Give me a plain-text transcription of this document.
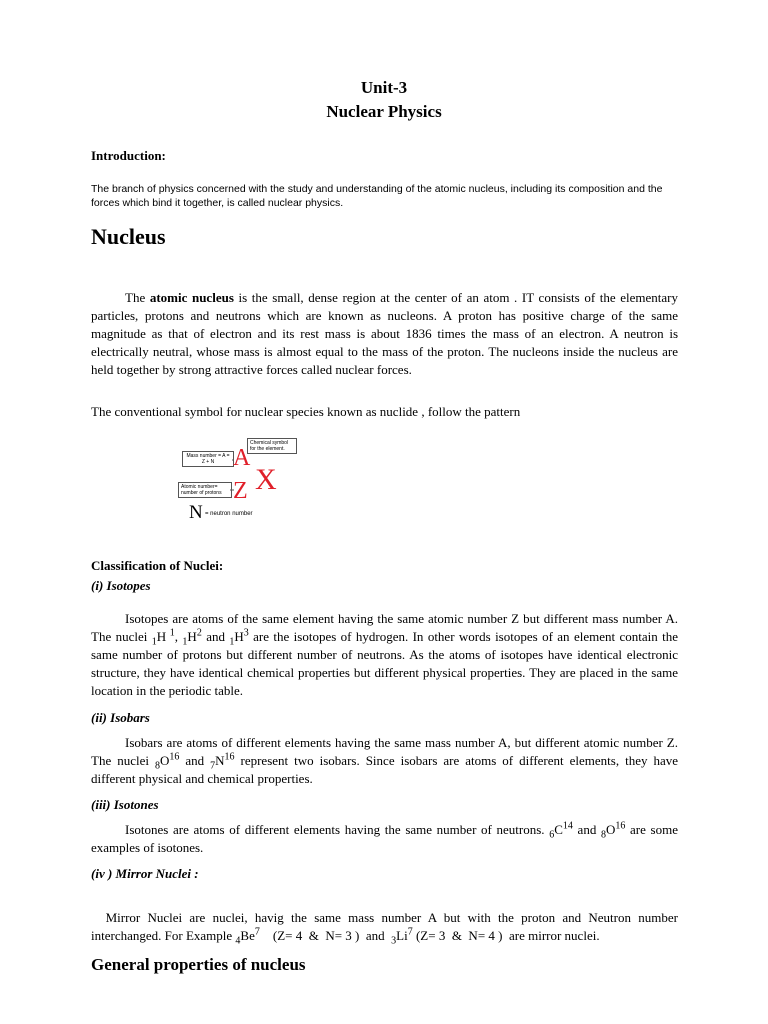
Unit-3
Nuclear Physics
Introduction:
The branch of physics concerned with the study and understanding of the atomic nucleus, including its composition and the forces which bind it together, is called nuclear physics.
Nucleus
The atomic nucleus is the small, dense region at the center of an atom . IT consists of the elementary particles, protons and neutrons which are known as nucleons. A proton has positive charge of the same magnitude as that of electron and its rest mass is about 1836 times the mass of an electron. A neutron is electrically neutral, whose mass is almost equal to the mass of the proton. The nucleons inside the nucleus are held together by strong attractive forces called nuclear forces.
The conventional symbol for nuclear species known as nuclide , follow the pattern
Mass number = A = Z + N
Chemical symbol for the element.
Atomic number= number of protons
A
X
Z
N = neutron number
Classification of Nuclei:
(i) Isotopes
Isotopes are atoms of the same element having the same atomic number Z but different mass number A. The nuclei $_1$H $^1$, $_1H^2$ and $_1H^3$ are the isotopes of hydrogen. In other words isotopes of an element contain the same number of protons but different number of neutrons. As the atoms of isotopes have identical electronic structure, they have identical chemical properties but different physical properties. They are placed in the same location in the periodic table.
(ii) Isobars
Isobars are atoms of different elements having the same mass number A, but different atomic number Z. The nuclei $_8O^{16}$ and $_7N^{16}$ represent two isobars. Since isobars are atoms of different elements, they have different physical and chemical properties.
(iii) Isotones
Isotones are atoms of different elements having the same number of neutrons. $_6C^{14}$ and $_8O^{16}$ are some examples of isotones.
(iv ) Mirror Nuclei :

Mirror Nuclei are nuclei, havig the same mass number A but with the proton and Neutron number interchanged. For Example $_4Be^7$    (Z= 4  &  N= 3 )  and  $_3Li^7$ (Z= 3  &  N= 4 )  are mirror nuclei.

General properties of nucleus
